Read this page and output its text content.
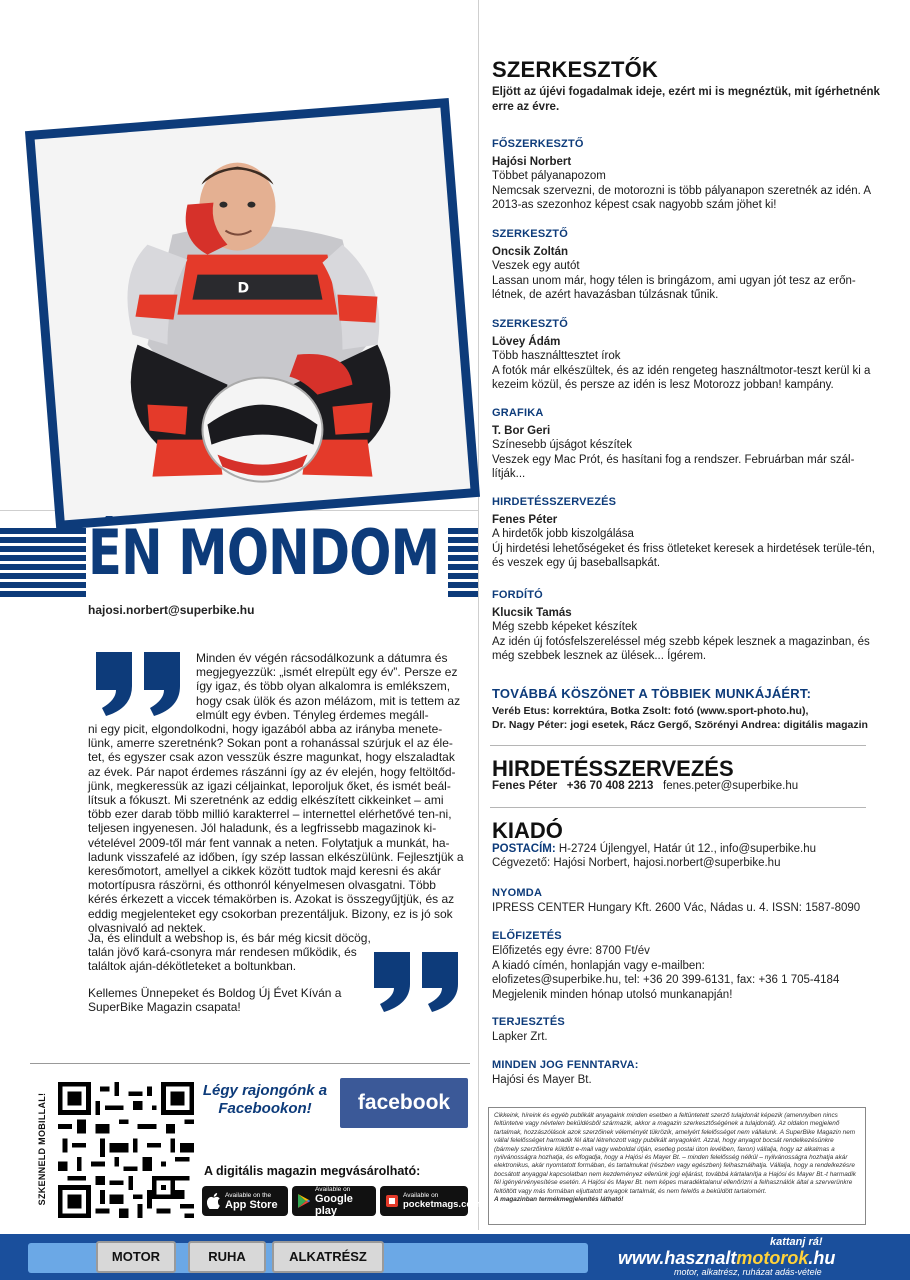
D
ÉN MONDOM
hajosi.norbert@superbike.hu

Minden év végén rácsodálkozunk a dátumra és megjegyezzük: „ismét elrepült egy év”. Persze ez így igaz, és több olyan alkalomra is emlékszem, hogy csak ülök és azon mélázom, mit is tettem az elmúlt egy évben. Tényleg érdemes megáll-

ni egy picit, elgondolkodni, hogy igazából abba az irányba menete-lünk, amerre szeretnénk? Sokan pont a rohanással szúrjuk el az éle-tet, és egyszer csak azon vesszük észre magunkat, hogy elszaladtak az évek. Pár napot érdemes rászánni így az év elején, hogy feltöltőd-jünk, megkeressük az igazi céljainkat, leporoljuk őket, és ismét beál-lítsuk a fókuszt. Mi szeretnénk az eddig elkészített cikkeinket – ami több ezer darab több millió karakterrel – internettel elérhetővé ten-ni, teljesen ingyenesen. Jól haladunk, és a legfrissebb magazinok ki-vételével 2009-től már fent vannak a neten. Folytatjuk a munkát, ha-ladunk visszafelé az időben, így szép lassan elkészülünk. Fejlesztjük a keresőmotort, amellyel a cikkek között tudtok majd keresni és akár motortípusra rászörni, és otthonról kényelmesen olvasgatni. Több kérés érkezett a viccek témakörben is. Azokat is összegyűjtjük, és az eddig megjelenteket egy csokorban prezentáljuk. Bizony, ez is jó sok olvasnivaló ad nektek.

Ja, és elindult a webshop is, és bár még kicsit döcög, talán jövő kará-csonyra már rendesen működik, és találtok aján-dékötleteket a boltunkban.

Kellemes Ünnepeket és Boldog Új Évet Kíván a SuperBike Magazin csapata!

SZKENNELD MOBILLAL!
Légy rajongónk a Facebookon!	facebook
A digitális magazin megvásárolható:
Available on the
App Store
Available on
Google play
Available on
pocketmags.com
SZERKESZTŐK
Eljött az újévi fogadalmak ideje, ezért mi is megnéztük, mit ígérhetnénk erre az évre.
FŐSZERKESZTŐ
Hajósi Norbert
Többet pályanapozom
Nemcsak szervezni, de motorozni is több pályanapon szeretnék az idén. A 2013-as szezonhoz képest csak nagyobb szám jöhet ki!
SZERKESZTŐ
Oncsik Zoltán
Veszek egy autót
Lassan unom már, hogy télen is bringázom, ami ugyan jót tesz az erőn-létnek, de azért havazásban túlzásnak tűnik.
SZERKESZTŐ
Lövey Ádám
Több használttesztet írok
A fotók már elkészültek, és az idén rengeteg használtmotor-teszt kerül ki a kezeim közül, és persze az idén is lesz Motorozz jobban! kampány.
GRAFIKA
T. Bor Geri
Színesebb újságot készítek
Veszek egy Mac Prót, és hasítani fog a rendszer. Februárban már szál-lítják...
HIRDETÉSSZERVEZÉS
Fenes Péter
A hirdetők jobb kiszolgálása
Új hirdetési lehetőségeket és friss ötleteket keresek a hirdetések terüle-tén, és veszek egy új baseballsapkát.
FORDÍTÓ
Klucsik Tamás
Még szebb képeket készítek
Az idén új fotósfelszereléssel még szebb képek lesznek a magazinban, és még szebbek lesznek az ülések... Ígérem.
TOVÁBBÁ KÖSZÖNET A TÖBBIEK MUNKÁJÁÉRT:
Veréb Etus: korrektúra, Botka Zsolt: fotó (www.sport-photo.hu),
Dr. Nagy Péter: jogi esetek, Rácz Gergő, Szörényi Andrea: digitális magazin
HIRDETÉSSZERVEZÉS
Fenes Péter +36 70 408 2213 fenes.peter@superbike.hu
KIADÓ
POSTACÍM: H-2724 Újlengyel, Határ út 12., info@superbike.hu
Cégvezető: Hajósi Norbert, hajosi.norbert@superbike.hu
NYOMDA
IPRESS CENTER Hungary Kft. 2600 Vác, Nádas u. 4. ISSN: 1587-8090
ELŐFIZETÉS
Előfizetés egy évre: 8700 Ft/év
A kiadó címén, honlapján vagy e-mailben:
elofizetes@superbike.hu, tel: +36 20 399-6131, fax: +36 1 705-4184
Megjelenik minden hónap utolsó munkanapján!
TERJESZTÉS
Lapker Zrt.
MINDEN JOG FENNTARVA:
Hajósi és Mayer Bt.
Cikkeink, híreink és egyéb publikált anyagaink minden esetben a feltüntetett szerző tulajdonát képezik (amennyiben nincs feltüntetve vagy névtelen beküldésből származik, akkor a magazin szerkesztőségének a tulajdonát). Az oldalon megjelenő tartalmak, hozzászólások azok szerzőinek véleményét tükrözik, amelyért felelősséget nem vállalunk. A SuperBike Magazin nem vállal felelősséget harmadik fél által létrehozott vagy publikált anyagokért. Azzal, hogy anyagot bocsát rendelkezésünkre (bármely szerzőinkre küldött e-mail vagy weboldal útján, esetleg postai úton levélben, faxon) vállalja, hogy az alkalmas a nyilvánosságra hozhatja, és elfogadja, hogy a Hajósi és Mayer Bt. – minden felelősség nélkül – nyilvánosságra hozhatja akár elektronikus, akár nyomtatott formában, és tartalmukat (részben vagy egészben) felhasználhatja. Vállalja, hogy a rendelkezésre bocsátott anyaggal kapcsolatban nem kezdeményez ellenünk jogi eljárást, továbbá kártalanítja a Hajósi és Mayer Bt.-t harmadik fél igényérvényesítése esetén. A Hajósi és Mayer Bt. nem képes maradéktalanul ellenőrizni a felhasználók által a szerverünkre feltöltött vagy más formában eljuttatott anyagok tartalmát, és nem felelős a beküldött tartalomért.
A magazinban termékmegjelenítés látható!
MOTOR	RUHA	ALKATRÉSZ
kattanj rá!
www.hasznaltmotorok.hu
motor, alkatrész, ruházat adás-vétele
